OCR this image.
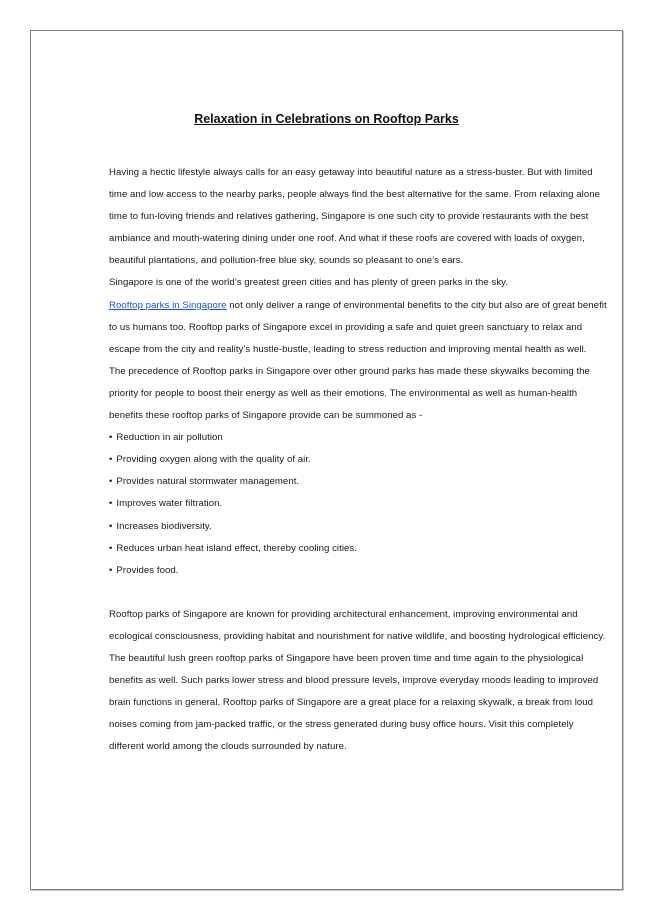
Relaxation in Celebrations on Rooftop Parks

Having a hectic lifestyle always calls for an easy getaway into beautiful nature as a stress-buster. But with limited time and low access to the nearby parks, people always find the best alternative for the same. From relaxing alone time to fun-loving friends and relatives gathering, Singapore is one such city to provide restaurants with the best ambiance and mouth-watering dining under one roof. And what if these roofs are covered with loads of oxygen, beautiful plantations, and pollution-free blue sky, sounds so pleasant to one’s ears.

Singapore is one of the world’s greatest green cities and has plenty of green parks in the sky.

Rooftop parks in Singapore not only deliver a range of environmental benefits to the city but also are of great benefit to us humans too. Rooftop parks of Singapore excel in providing a safe and quiet green sanctuary to relax and escape from the city and reality’s hustle-bustle, leading to stress reduction and improving mental health as well.

The precedence of Rooftop parks in Singapore over other ground parks has made these skywalks becoming the priority for people to boost their energy as well as their emotions. The environmental as well as human-health benefits these rooftop parks of Singapore provide can be summoned as -

• Reduction in air pollution
• Providing oxygen along with the quality of air.
• Provides natural stormwater management.
• Improves water filtration.
• Increases biodiversity.
• Reduces urban heat island effect, thereby cooling cities.
• Provides food.

Rooftop parks of Singapore are known for providing architectural enhancement, improving environmental and ecological consciousness, providing habitat and nourishment for native wildlife, and boosting hydrological efficiency. The beautiful lush green rooftop parks of Singapore have been proven time and time again to the physiological benefits as well. Such parks lower stress and blood pressure levels, improve everyday moods leading to improved brain functions in general. Rooftop parks of Singapore are a great place for a relaxing skywalk, a break from loud noises coming from jam-packed traffic, or the stress generated during busy office hours. Visit this completely different world among the clouds surrounded by nature.
